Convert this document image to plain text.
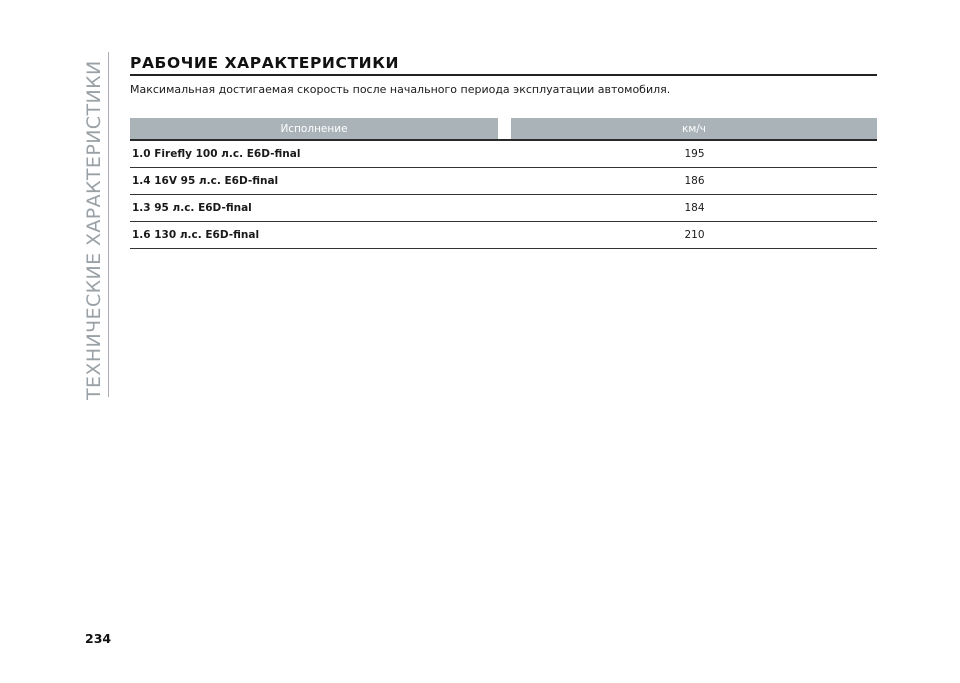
ТЕХНИЧЕСКИЕ ХАРАКТЕРИСТИКИ РАБОЧИЕ ХАРАКТЕРИСТИКИ
Максимальная достигаемая скорость после начального периода эксплуатации автомобиля.
Исполнение	км/ч
1.0 Firefly 100 л.с. E6D-final	195
1.4 16V 95 л.с. E6D-final	186
1.3 95 л.с. E6D-final	184
1.6 130 л.с. E6D-final	210
234
